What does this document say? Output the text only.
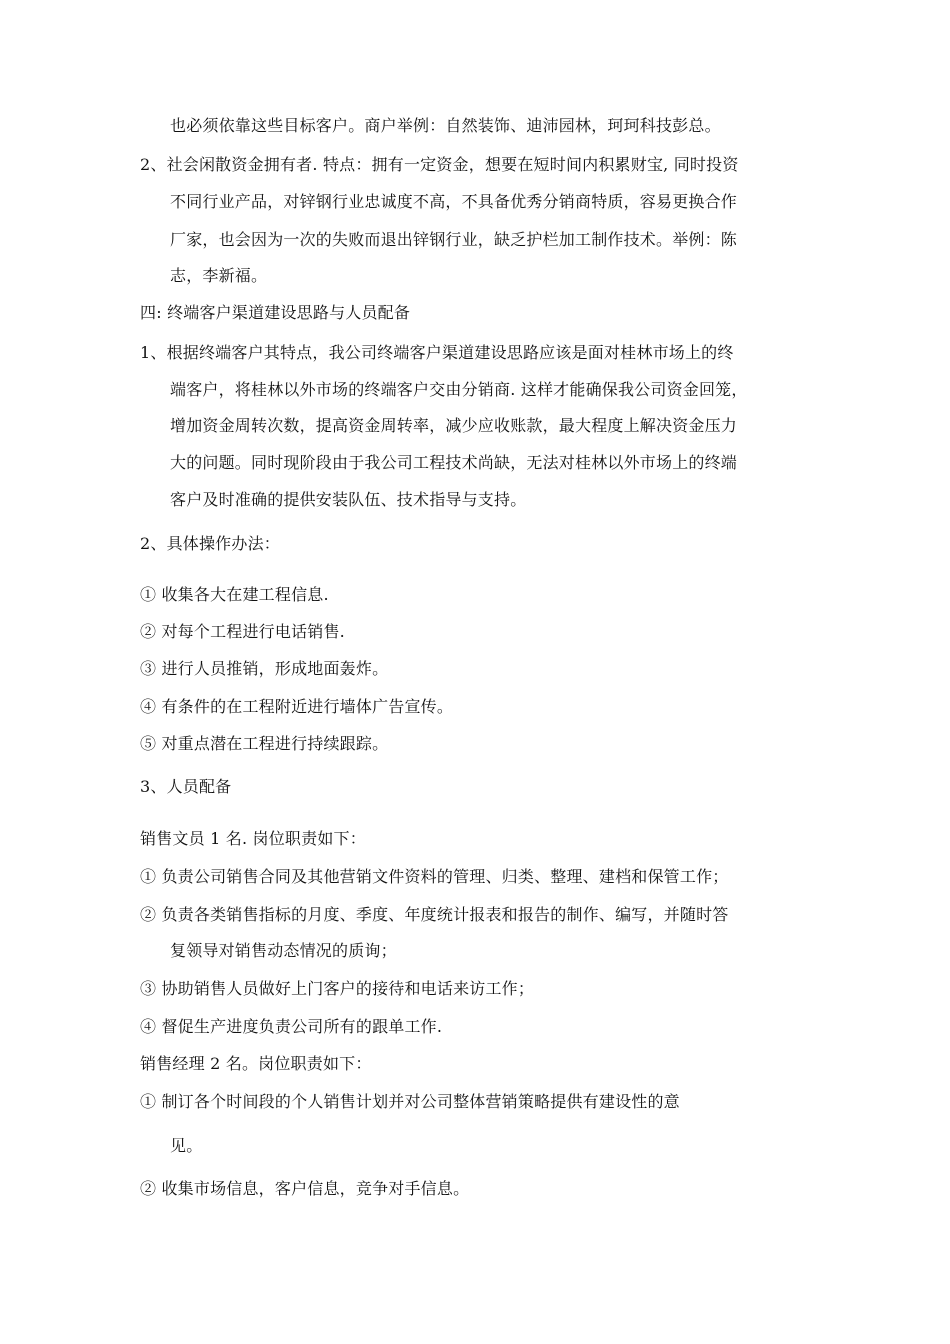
也必须依靠这些目标客户。商户举例：自然装饰、迪沛园林，珂珂科技彭总。
2、社会闲散资金拥有者. 特点：拥有一定资金，想要在短时间内积累财宝, 同时投资
不同行业产品，对锌钢行业忠诚度不高，不具备优秀分销商特质，容易更换合作
厂家，也会因为一次的失败而退出锌钢行业，缺乏护栏加工制作技术。举例：陈
志，李新福。
四: 终端客户渠道建设思路与人员配备
1、根据终端客户其特点，我公司终端客户渠道建设思路应该是面对桂林市场上的终
端客户，将桂林以外市场的终端客户交由分销商. 这样才能确保我公司资金回笼，
增加资金周转次数，提高资金周转率，减少应收账款，最大程度上解决资金压力
大的问题。同时现阶段由于我公司工程技术尚缺，无法对桂林以外市场上的终端
客户及时准确的提供安装队伍、技术指导与支持。
2、具体操作办法：
① 收集各大在建工程信息.
② 对每个工程进行电话销售.
③ 进行人员推销，形成地面轰炸。
④ 有条件的在工程附近进行墙体广告宣传。
⑤ 对重点潜在工程进行持续跟踪。
3、人员配备
销售文员 1 名. 岗位职责如下：
① 负责公司销售合同及其他营销文件资料的管理、归类、整理、建档和保管工作；
② 负责各类销售指标的月度、季度、年度统计报表和报告的制作、编写，并随时答
复领导对销售动态情况的质询；
③ 协助销售人员做好上门客户的接待和电话来访工作；
④ 督促生产进度负责公司所有的跟单工作.
销售经理 2 名。岗位职责如下：
① 制订各个时间段的个人销售计划并对公司整体营销策略提供有建设性的意
见。
② 收集市场信息，客户信息，竞争对手信息。
